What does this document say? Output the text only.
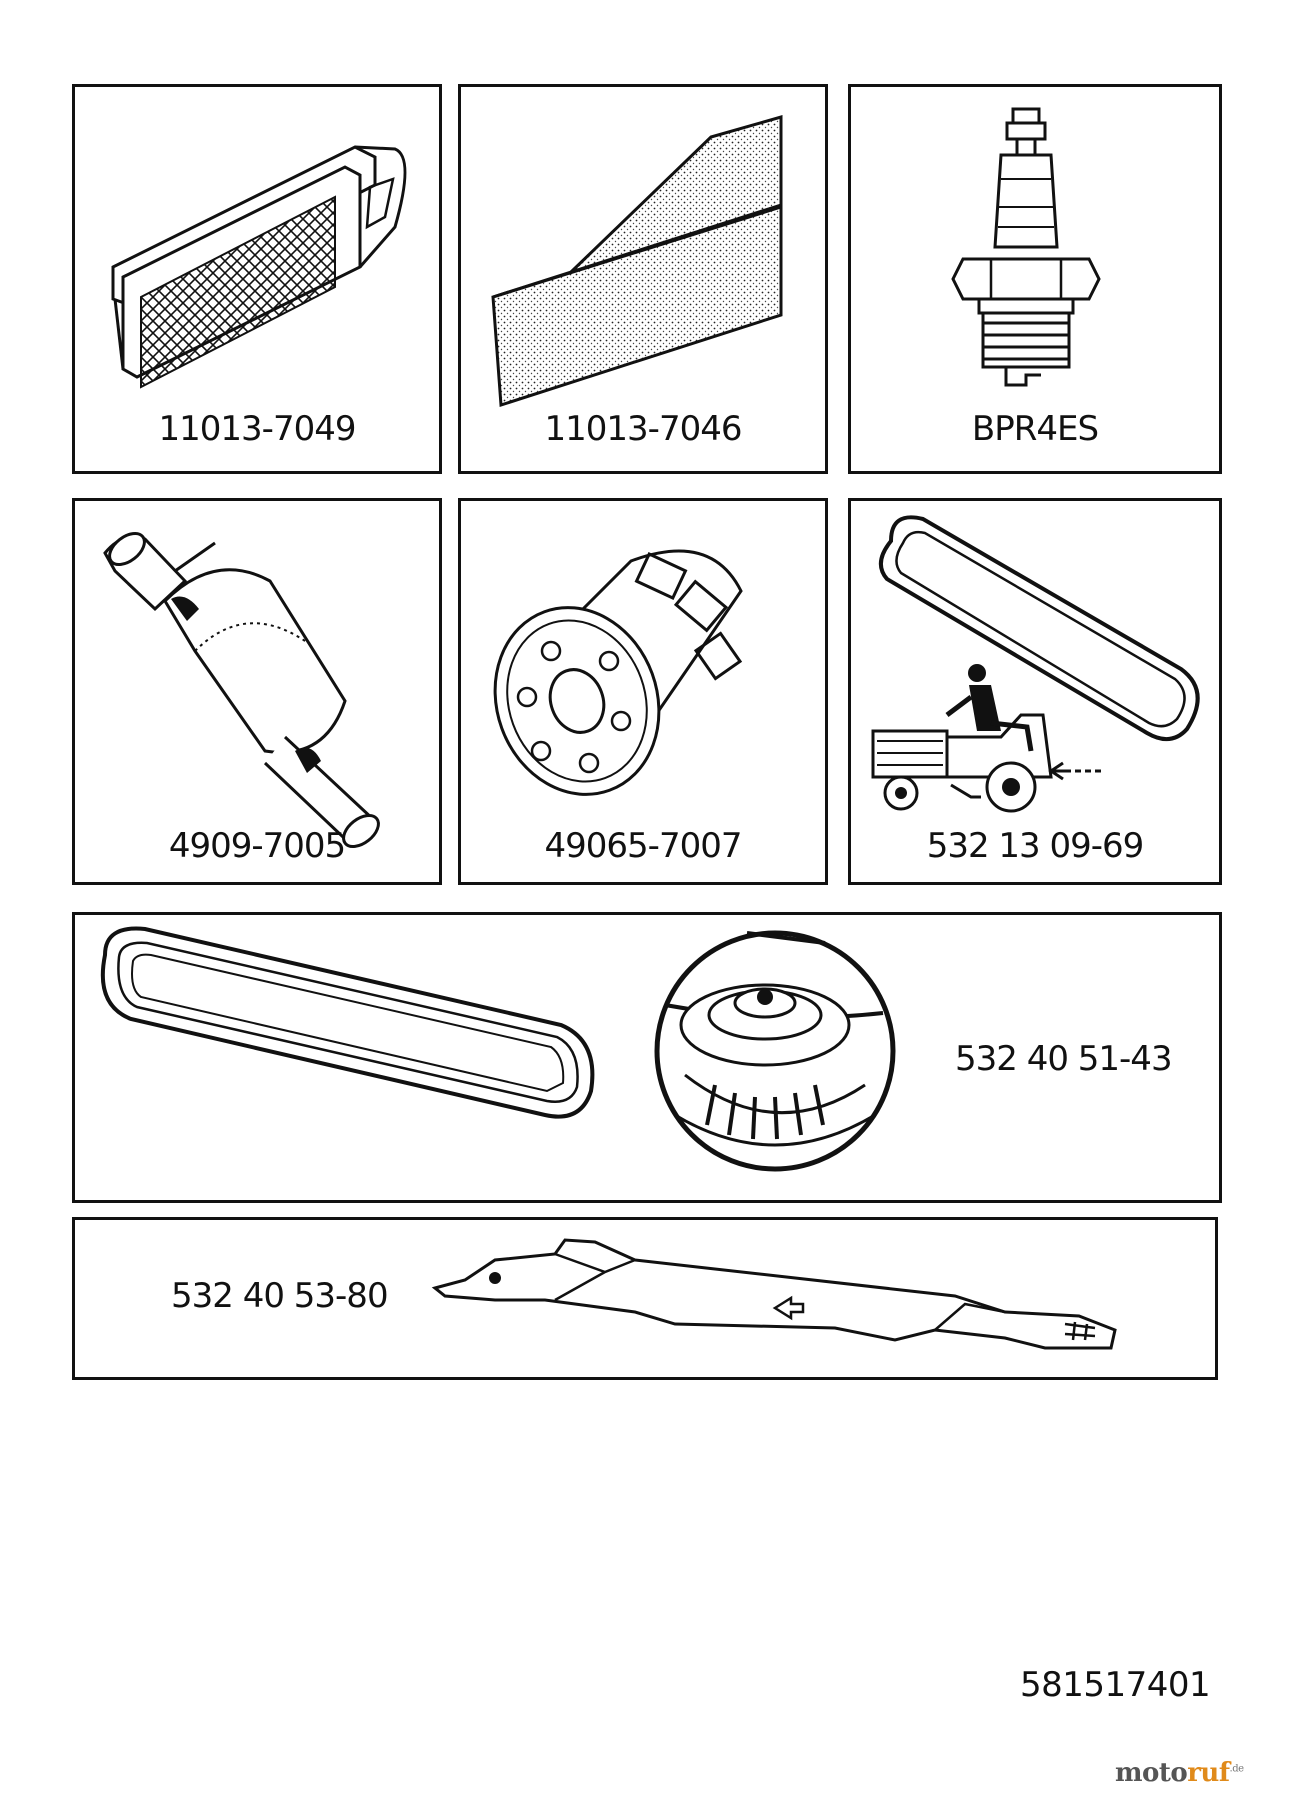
11013-7049	11013-7046	BPR4ES
4909-7005	49065-7007	532 13 09-69
532 40 51-43
532 40 53-80
581517401
motoruf$^{.de}$
